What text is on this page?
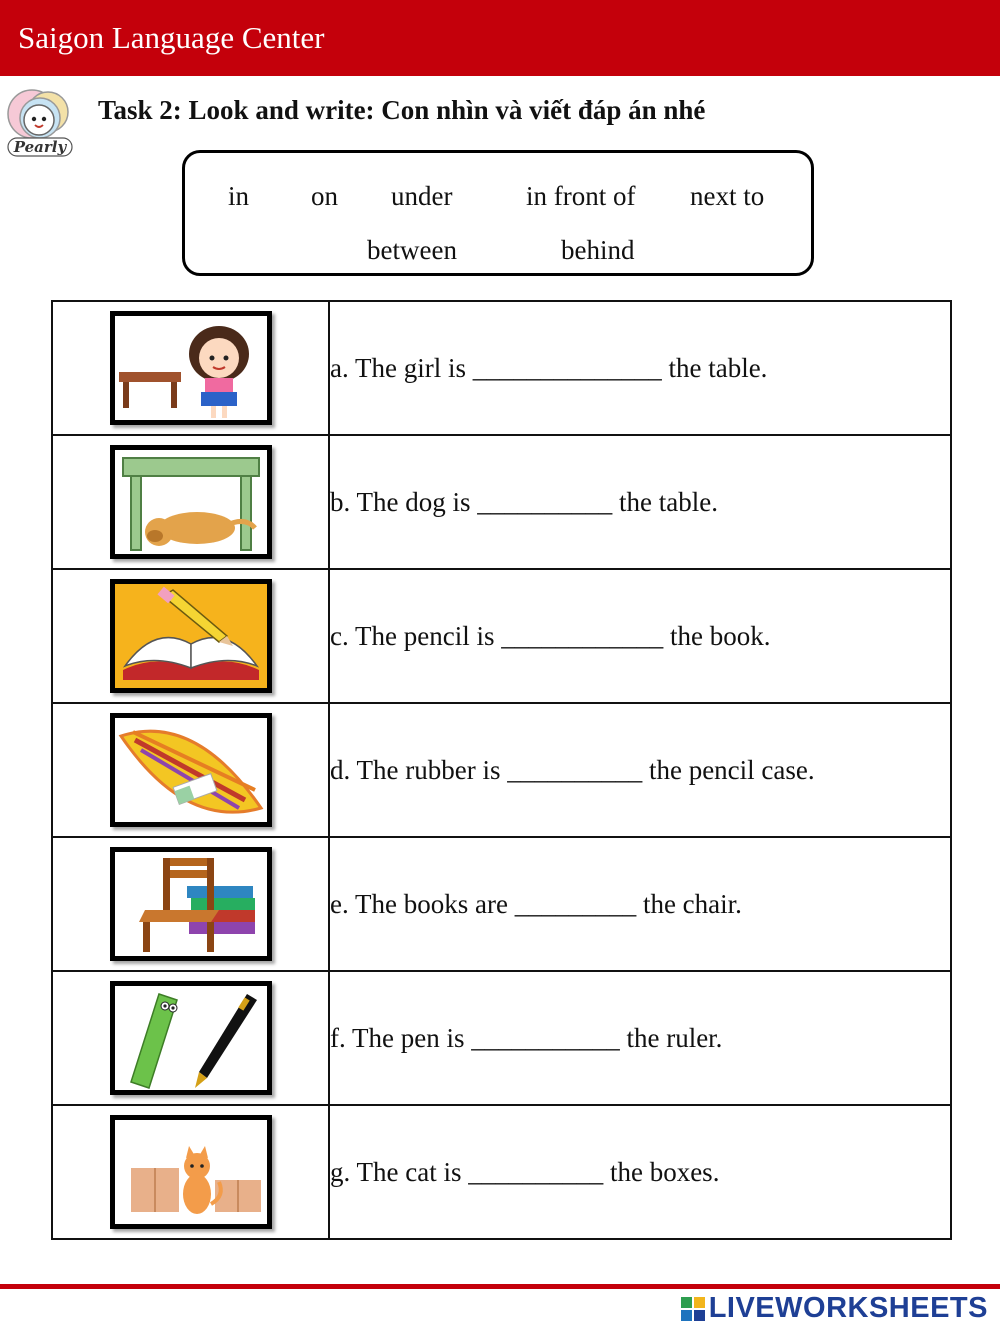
Saigon Language Center
Pearly
Task 2: Look and write: Con nhìn và viết đáp án nhé
in on under	in front of next to
between	behind
	a. The girl is ______________ the table.

	b. The dog is __________ the table.

	c. The pencil is ____________ the book.

	d. The rubber is __________ the pencil case.

	e. The books are _________ the chair.

	f. The pen is ___________ the ruler.

	g. The cat is __________ the boxes.
LIVEWORKSHEETS
